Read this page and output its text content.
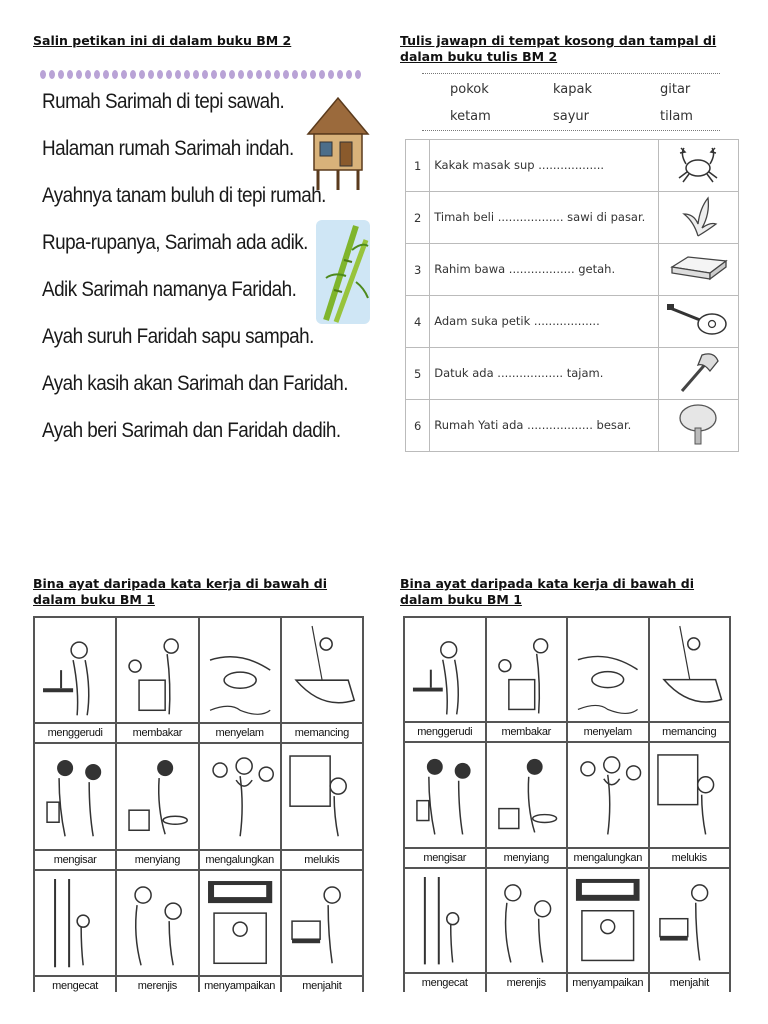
Salin petikan ini di dalam buku BM 2
Rumah Sarimah di tepi sawah.
Halaman rumah Sarimah indah.
Ayahnya tanam buluh di tepi rumah.
Rupa-rupanya, Sarimah ada adik.
Adik Sarimah namanya Faridah.
Ayah suruh Faridah sapu sampah.
Ayah kasih akan Sarimah dan Faridah.
Ayah beri Sarimah dan Faridah dadih.
Tulis jawapn di tempat kosong dan tampal di dalam buku tulis BM 2
pokok	kapak	gitar
ketam	sayur	tilam
1	Kakak masak sup ..................	
2	Timah beli .................. sawi di pasar.	
3	Rahim bawa .................. getah.	
4	Adam suka petik ..................	
5	Datuk ada .................. tajam.	
6	Rumah Yati ada .................. besar.	
Bina ayat daripada kata kerja di bawah di dalam buku BM 1
menggerudi	membakar	menyelam	memancing
mengisar	menyiang	mengalungkan	melukis
mengecat	merenjis	menyampaikan	menjahit
Bina ayat daripada kata kerja di bawah di dalam buku BM 1
menggerudi	membakar	menyelam	memancing
mengisar	menyiang	mengalungkan	melukis
mengecat	merenjis	menyampaikan	menjahit
